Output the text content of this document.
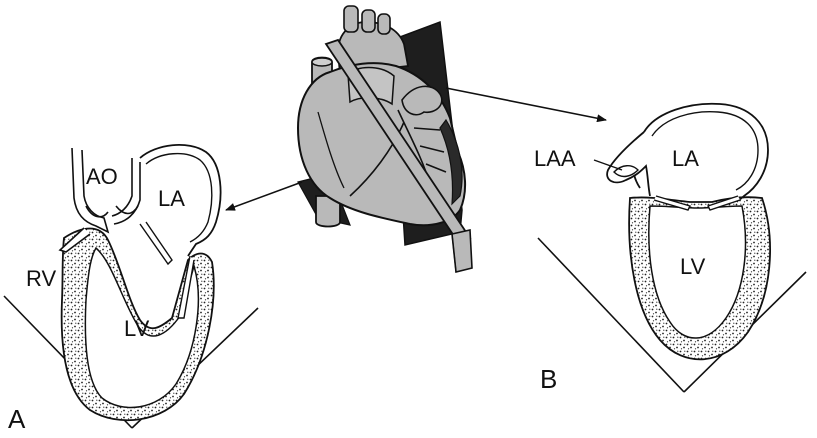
AO
LA
RV
LV
A
LAA	LA
LV
B
